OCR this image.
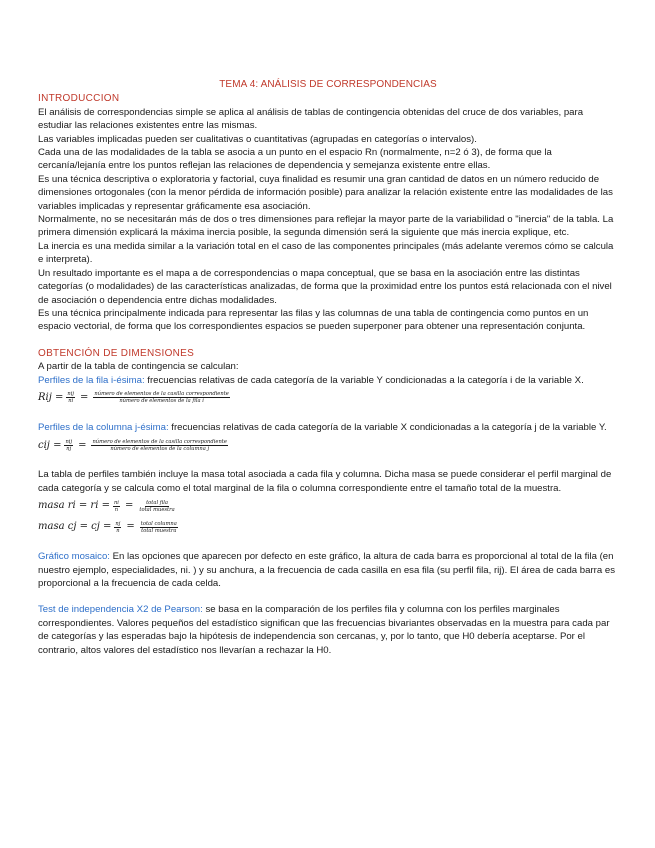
TEMA 4: ANÁLISIS DE CORRESPONDENCIAS
INTRODUCCION

El análisis de correspondencias simple se aplica al análisis de tablas de contingencia obtenidas del cruce de dos variables, para estudiar las relaciones existentes entre las mismas.

Las variables implicadas pueden ser cualitativas o cuantitativas (agrupadas en categorías o intervalos).

Cada una de las modalidades de la tabla se asocia a un punto en el espacio Rn (normalmente, n=2 ó 3), de forma que la cercanía/lejanía entre los puntos reflejan las relaciones de dependencia y semejanza existente entre ellas.

Es una técnica descriptiva o exploratoria y factorial, cuya finalidad es resumir una gran cantidad de datos en un número reducido de dimensiones ortogonales (con la menor pérdida de información posible) para analizar la relación existente entre las modalidades de las variables implicadas y representar gráficamente esa asociación.

Normalmente, no se necesitarán más de dos o tres dimensiones para reflejar la mayor parte de la variabilidad o "inercia" de la tabla. La primera dimensión explicará la máxima inercia posible, la segunda dimensión será la siguiente que más inercia explique, etc.

La inercia es una medida similar a la variación total en el caso de las componentes principales (más adelante veremos cómo se calcula e interpreta).

Un resultado importante es el mapa a de correspondencias o mapa conceptual, que se basa en la asociación entre las distintas categorías (o modalidades) de las características analizadas, de forma que la proximidad entre los puntos está relacionada con el nivel de asociación o dependencia entre dichas modalidades.

Es una técnica principalmente indicada para representar las filas y las columnas de una tabla de contingencia como puntos en un espacio vectorial, de forma que los correspondientes espacios se pueden superponer para obtener una representación conjunta.

OBTENCIÓN DE DIMENSIONES

A partir de la tabla de contingencia se calculan:

Perfiles de la fila i-ésima: frecuencias relativas de cada categoría de la variable Y condicionadas a la categoría i de la variable X.

Rij = $\frac{\text{nij}}{ni} = \frac{\text{número de elementos de la casilla correspondiente}}{\text{número de elementos de la fila i}}$

Perfiles de la columna j-ésima: frecuencias relativas de cada categoría de la variable X condicionadas a la categoría j de la variable Y.

cij = $\frac{\text{nij}}{nj} = \frac{\text{número de elementos de la casilla correspondiente}}{\text{número de elementos de la columna j}}$

La tabla de perfiles también incluye la masa total asociada a cada fila y columna. Dicha masa se puede considerar el perfil marginal de cada categoría y se calcula como el total marginal de la fila o columna correspondiente entre el tamaño total de la muestra.

masa ri = ri = $\frac{ni}{n} = \frac{\text{total fila}}{\text{total muestra}}$
masa cj = cj = $\frac{nj}{n} = \frac{\text{total columna}}{\text{total muestra}}$

Gráfico mosaico: En las opciones que aparecen por defecto en este gráfico, la altura de cada barra es proporcional al total de la fila (en nuestro ejemplo, especialidades, ni. ) y su anchura, a la frecuencia de cada casilla en esa fila (su perfil fila, rij). El área de cada barra es proporcional a la frecuencia de cada celda.

Test de independencia X2 de Pearson: se basa en la comparación de los perfiles fila y columna con los perfiles marginales correspondientes. Valores pequeños del estadístico significan que las frecuencias bivariantes observadas en la muestra para cada par de categorías y las esperadas bajo la hipótesis de independencia son cercanas, y, por lo tanto, que H0 debería aceptarse. Por el contrario, altos valores del estadístico nos llevarían a rechazar la H0.
